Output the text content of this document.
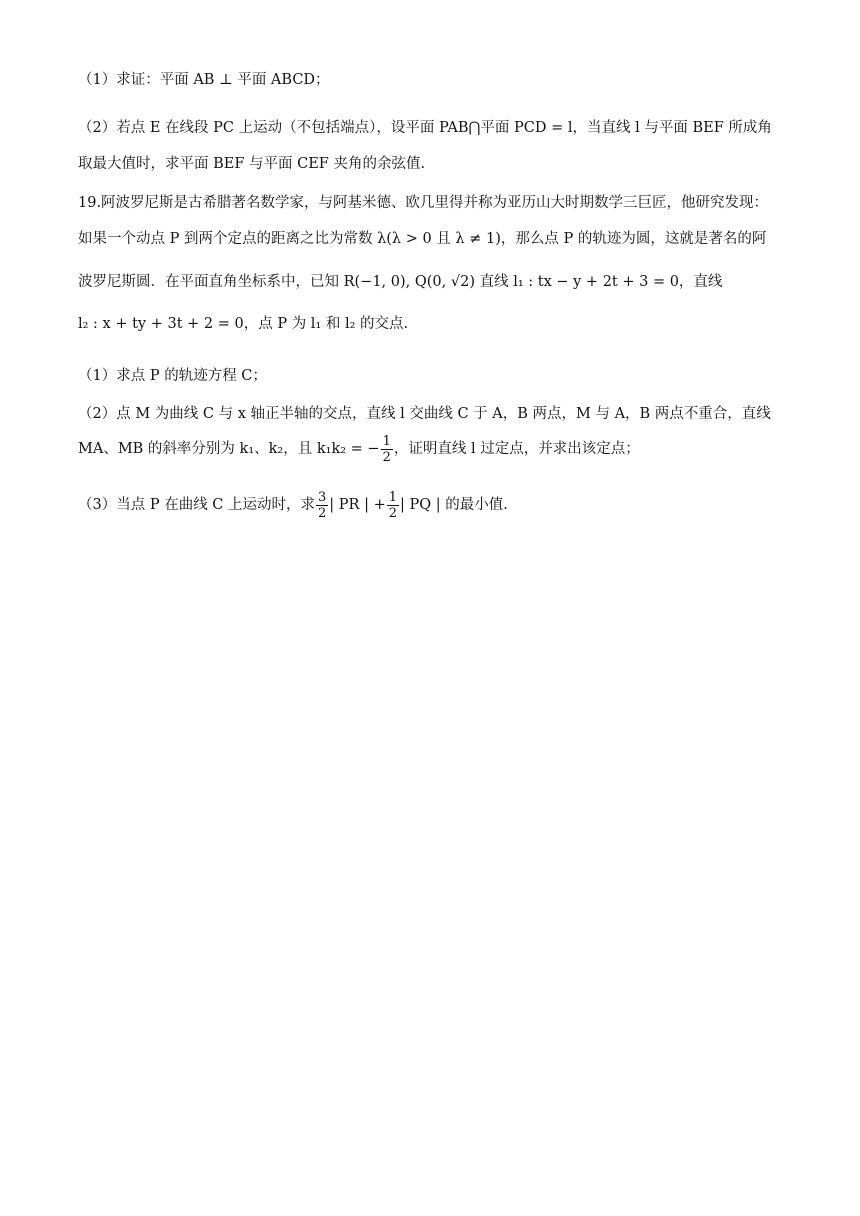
（1）求证：平面 AB ⊥ 平面 ABCD；
（2）若点 E 在线段 PC 上运动（不包括端点），设平面 PAB⋂平面 PCD = l，当直线 l 与平面 BEF 所成角
取最大值时，求平面 BEF 与平面 CEF 夹角的余弦值.
19.阿波罗尼斯是古希腊著名数学家，与阿基米德、欧几里得并称为亚历山大时期数学三巨匠，他研究发现：
如果一个动点 P 到两个定点的距离之比为常数 λ(λ > 0 且 λ ≠ 1)，那么点 P 的轨迹为圆，这就是著名的阿
波罗尼斯圆．在平面直角坐标系中，已知 R(−1, 0), Q(0, √2) 直线 l₁ : tx − y + 2t + 3 = 0，直线
l₂ : x + ty + 3t + 2 = 0，点 P 为 l₁ 和 l₂ 的交点.
（1）求点 P 的轨迹方程 C；
（2）点 M 为曲线 C 与 x 轴正半轴的交点，直线 l 交曲线 C 于 A，B 两点，M 与 A，B 两点不重合，直线
MA、MB 的斜率分别为 k₁、k₂，且 k₁k₂ = − $\frac{1}{2}$ ，证明直线 l 过定点，并求出该定点；
（3）当点 P 在曲线 C 上运动时，求 $\frac{3}{2}$ | PR | + $\frac{1}{2}$ | PQ | 的最小值.
